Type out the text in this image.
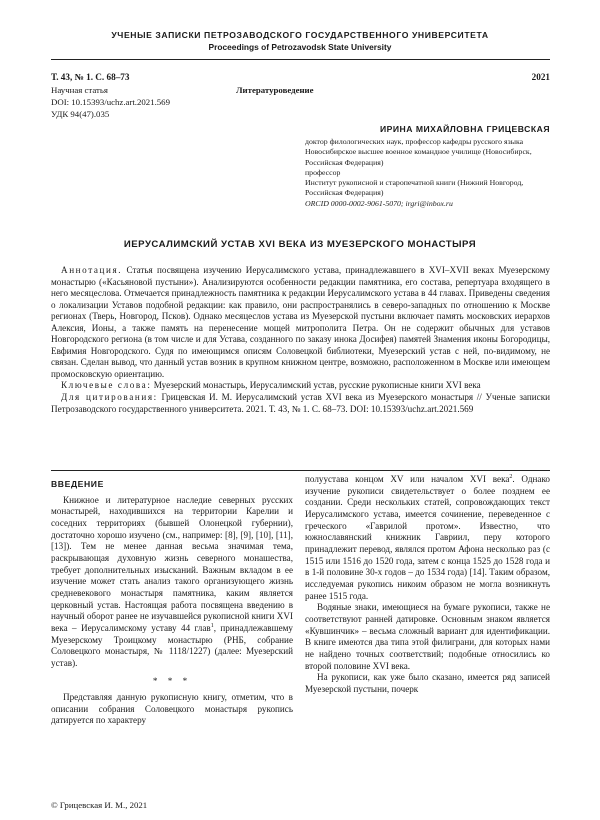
УЧЕНЫЕ ЗАПИСКИ ПЕТРОЗАВОДСКОГО ГОСУДАРСТВЕННОГО УНИВЕРСИТЕТА
Proceedings of Petrozavodsk State University
Т. 43, № 1. С. 68–73	2021
Научная статья	Литературоведение
DOI: 10.15393/uchz.art.2021.569
УДК 94(47).035
ИРИНА МИХАЙЛОВНА ГРИЦЕВСКАЯ

доктор филологических наук, профессор кафедры русского языка

Новосибирское высшее военное командное училище (Новосибирск, Российская Федерация)

профессор

Институт рукописной и старопечатной книги (Нижний Новгород, Российская Федерация)

ORCID 0000-0002-9061-5070; irgri@inbox.ru

ИЕРУСАЛИМСКИЙ УСТАВ XVI ВЕКА ИЗ МУЕЗЕРСКОГО МОНАСТЫРЯ

Аннотация. Статья посвящена изучению Иерусалимского устава, принадлежавшего в XVI–XVII веках Муезерскому монастырю («Касьяновой пустыни»). Анализируются особенности редакции памятника, его состава, репертуара входящего в него месяцеслова. Отмечается принадлежность памятника к редакции Иерусалимского устава в 44 главах. Приведены сведения о локализации Уставов подобной редакции: как правило, они распространялись в северо-западных по отношению к Москве регионах (Тверь, Новгород, Псков). Однако месяцеслов устава из Муезерской пустыни включает память московских иерархов Алексия, Ионы, а также память на перенесение мощей митрополита Петра. Он не содержит обычных для уставов Новгородского региона (в том числе и для Устава, созданного по заказу инока Досифея) памятей Знамения иконы Богородицы, Евфимия Новгородского. Судя по имеющимся описям Соловецкой библиотеки, Муезерский устав с ней, по-видимому, не связан. Сделан вывод, что данный устав возник в крупном книжном центре, возможно, расположенном в Москве или имеющем промосковскую ориентацию.

Ключевые слова: Муезерский монастырь, Иерусалимский устав, русские рукописные книги XVI века

Для цитирования: Грицевская И. М. Иерусалимский устав XVI века из Муезерского монастыря // Ученые записки Петрозаводского государственного университета. 2021. Т. 43, № 1. С. 68–73. DOI: 10.15393/uchz.art.2021.569

ВВЕДЕНИЕ

Книжное и литературное наследие северных русских монастырей, находившихся на территории Карелии и соседних территориях (бывшей Олонецкой губернии), достаточно хорошо изучено (см., например: [8], [9], [10], [11], [13]). Тем не менее данная весьма значимая тема, раскрывающая духовную жизнь северного монашества, требует дополнительных изысканий. Важным вкладом в ее изучение может стать анализ такого организующего жизнь средневекового монастыря памятника, каким является церковный устав. Настоящая работа посвящена введению в научный оборот ранее не изучавшейся рукописной книги XVI века – Иерусалимскому уставу 44 глав$^1$, принадлежавшему Муезерскому Троицкому монастырю (РНБ, собрание Соловецкого монастыря, № 1118/1227) (далее: Муезерский устав).

* * *

Представляя данную рукописную книгу, отметим, что в описании собрания Соловецкого монастыря рукопись датируется по характеру

полуустава концом XV или началом XVI века$^2$. Однако изучение рукописи свидетельствует о более позднем ее создании. Среди нескольких статей, сопровождающих текст Иерусалимского устава, имеется сочинение, переведенное с греческого «Гаврилой протом». Известно, что южнославянский книжник Гавриил, перу которого принадлежит перевод, являлся протом Афона несколько раз (с 1515 или 1516 до 1520 года, затем с конца 1525 до 1528 года и в 1-й половине 30-х годов – до 1534 года) [14]. Таким образом, исследуемая рукопись никоим образом не могла возникнуть ранее 1515 года.

Водяные знаки, имеющиеся на бумаге рукописи, также не соответствуют ранней датировке. Основным знаком является «Кувшинчик» – весьма сложный вариант для идентификации. В книге имеются два типа этой филиграни, для которых нами не найдено точных соответствий; подобные относились ко второй половине XVI века.

На рукописи, как уже было сказано, имеется ряд записей Муезерской пустыни, почерк

© Грицевская И. М., 2021
